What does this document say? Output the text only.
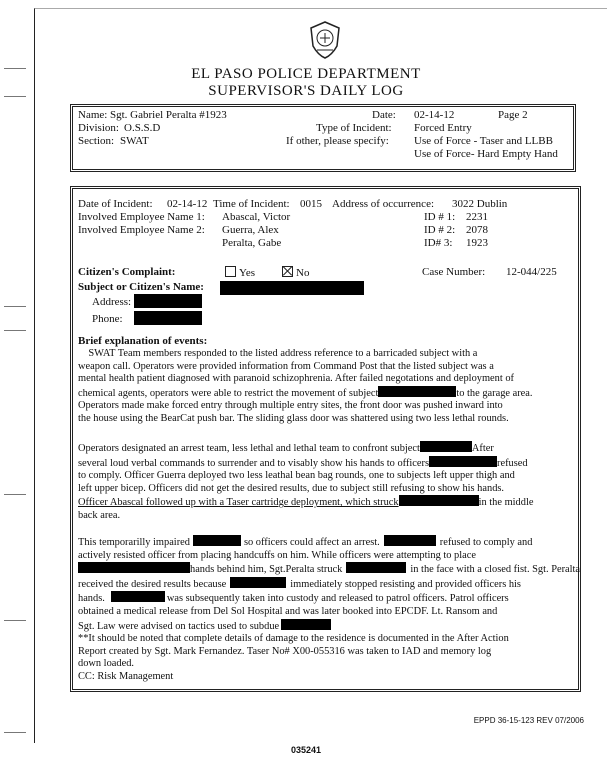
EL PASO POLICE DEPARTMENT
SUPERVISOR'S DAILY LOG
Name: Sgt. Gabriel Peralta #1923
Division: O.S.S.D
Section: SWAT
Date: 02-14-12	Page 2
Type of Incident: Forced Entry
If other, please specify: Use of Force - Taser and LLBB
Use of Force- Hard Empty Hand
Date of Incident: 02-14-12 Time of Incident: 0015 Address of occurrence: 3022 Dublin
Involved Employee Name 1: Abascal, Victor	ID # 1: 2231
Involved Employee Name 2: Guerra, Alex	ID # 2: 2078
Peralta, Gabe	ID# 3: 1923
Citizen's Complaint:	Yes	No	Case Number: 12-044/225
Subject or Citizen's Name:
Address:
Phone:
Brief explanation of events:
SWAT Team members responded to the listed address reference to a barricaded subject with a
weapon call. Operators were provided information from Command Post that the listed subject was a
mental health patient diagnosed with paranoid schizophrenia. After failed negotations and deployment of
chemical agents, operators were able to restrict the movement of subject	to the garage area.
Operators made make forced entry through multiple entry sites, the front door was pushed inward into
the house using the BearCat push bar. The sliding glass door was shattered using two less lethal rounds.
Operators designated an arrest team, less lethal and lethal team to confront subject	After
several loud verbal commands to surrender and to visably show his hands to officers	refused
to comply. Officer Guerra deployed two less leathal bean bag rounds, one to subjects left upper thigh and
left upper bicep. Officers did not get the desired results, due to subject still refusing to show his hands.
Officer Abascal followed up with a Taser cartridge deployment, which struck	in the middle
back area.
This temporarilly impaired	so officers could affect an arrest.	refused to comply and
actively resisted officer from placing handcuffs on him. While officers were attempting to place
hands behind him, Sgt.Peralta struck	in the face with a closed fist. Sgt. Peralta
received the desired results because	immediately stopped resisting and provided officers his
hands.	was subsequently taken into custody and released to patrol officers. Patrol officers
obtained a medical release from Del Sol Hospital and was later booked into EPCDF. Lt. Ransom and
Sgt. Law were advised on tactics used to subdue
**It should be noted that complete details of damage to the residence is documented in the After Action
Report created by Sgt. Mark Fernandez. Taser No# X00-055316 was taken to IAD and memory log
down loaded.
CC: Risk Management
EPPD 36-15-123 REV 07/2006
035241
